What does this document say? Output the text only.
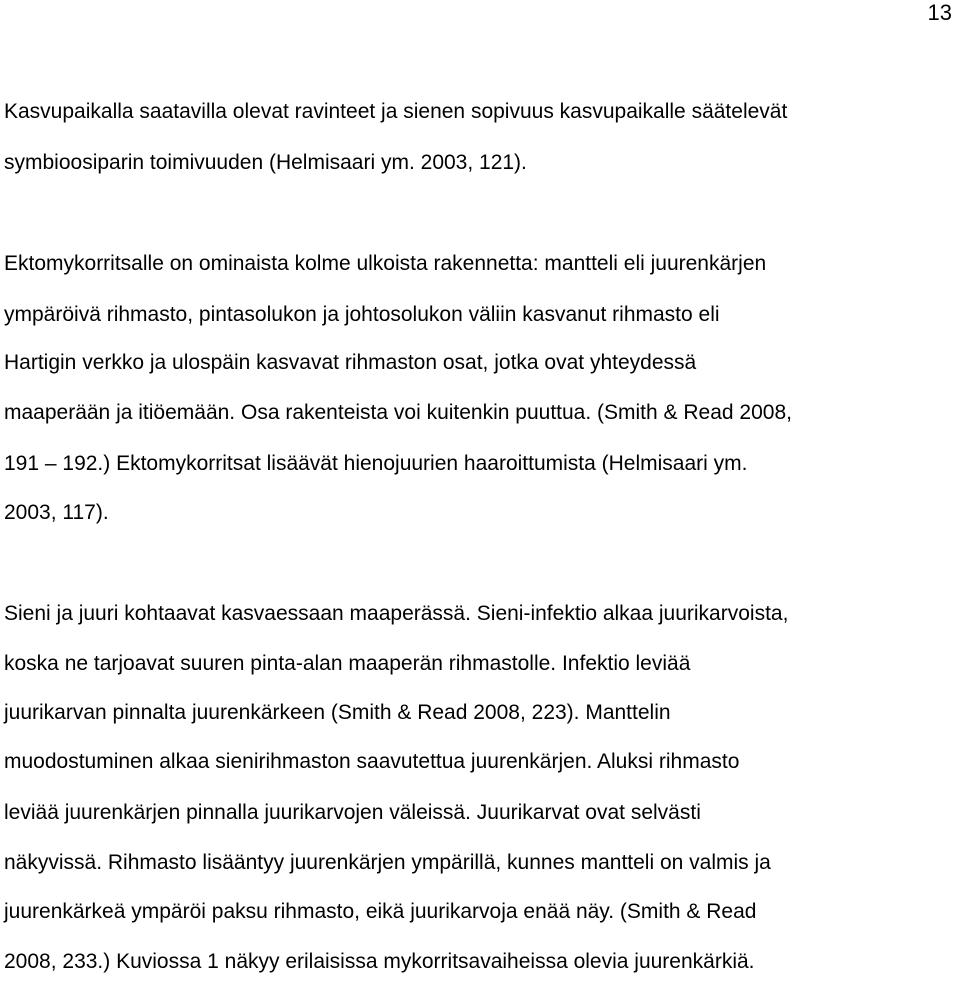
13
Kasvupaikalla saatavilla olevat ravinteet ja sienen sopivuus kasvupaikalle säätelevät
symbioosiparin toimivuuden (Helmisaari ym. 2003, 121).
Ektomykorritsalle on ominaista kolme ulkoista rakennetta: mantteli eli juurenkärjen
ympäröivä rihmasto, pintasolukon ja johtosolukon väliin kasvanut rihmasto eli
Hartigin verkko ja ulospäin kasvavat rihmaston osat, jotka ovat yhteydessä
maaperään ja itiöemään. Osa rakenteista voi kuitenkin puuttua. (Smith & Read 2008,
191 – 192.) Ektomykorritsat lisäävät hienojuurien haaroittumista (Helmisaari ym.
2003, 117).
Sieni ja juuri kohtaavat kasvaessaan maaperässä. Sieni-infektio alkaa juurikarvoista,
koska ne tarjoavat suuren pinta-alan maaperän rihmastolle. Infektio leviää
juurikarvan pinnalta juurenkärkeen (Smith & Read 2008, 223). Manttelin
muodostuminen alkaa sienirihmaston saavutettua juurenkärjen. Aluksi rihmasto
leviää juurenkärjen pinnalla juurikarvojen väleissä. Juurikarvat ovat selvästi
näkyvissä. Rihmasto lisääntyy juurenkärjen ympärillä, kunnes mantteli on valmis ja
juurenkärkeä ympäröi paksu rihmasto, eikä juurikarvoja enää näy. (Smith & Read
2008, 233.) Kuviossa 1 näkyy erilaisissa mykorritsavaiheissa olevia juurenkärkiä.
